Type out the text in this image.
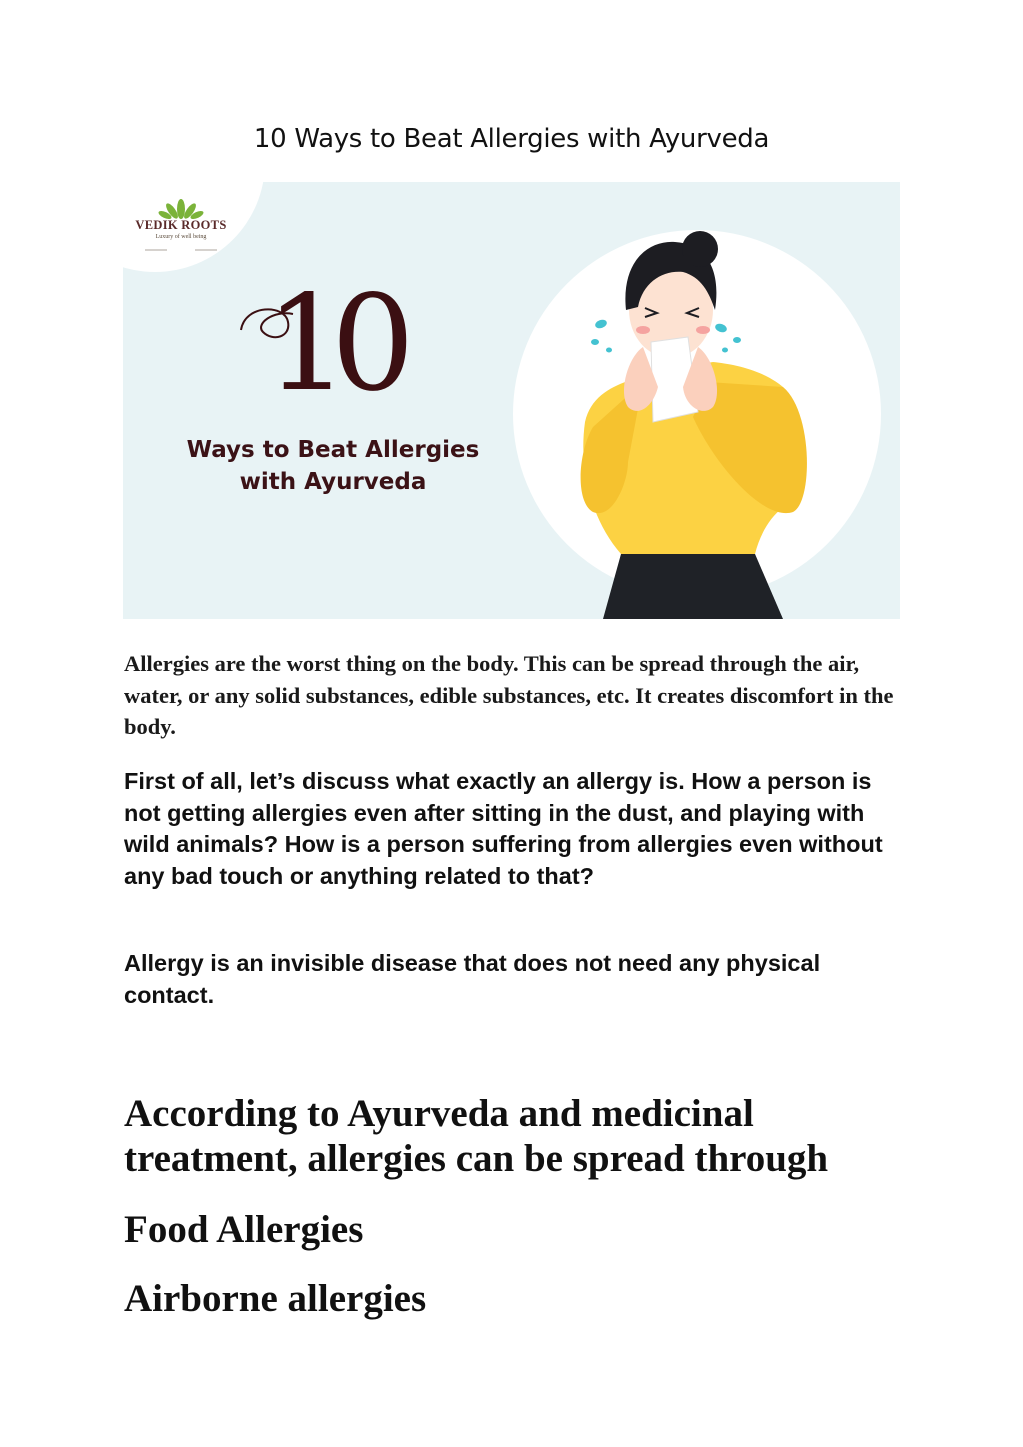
10 Ways to Beat Allergies with Ayurveda
VEDIK ROOTS
Luxury of well being
10
Ways to Beat Allergies
with Ayurveda

Allergies are the worst thing on the body. This can be spread through the air, water, or any solid substances, edible substances, etc. It creates discomfort in the body.

First of all, let’s discuss what exactly an allergy is. How a person is not getting allergies even after sitting in the dust, and playing with wild animals? How is a person suffering from allergies even without any bad touch or anything related to that?

Allergy is an invisible disease that does not need any physical contact.

According to Ayurveda and medicinal treatment, allergies can be spread through
Food Allergies
Airborne allergies
